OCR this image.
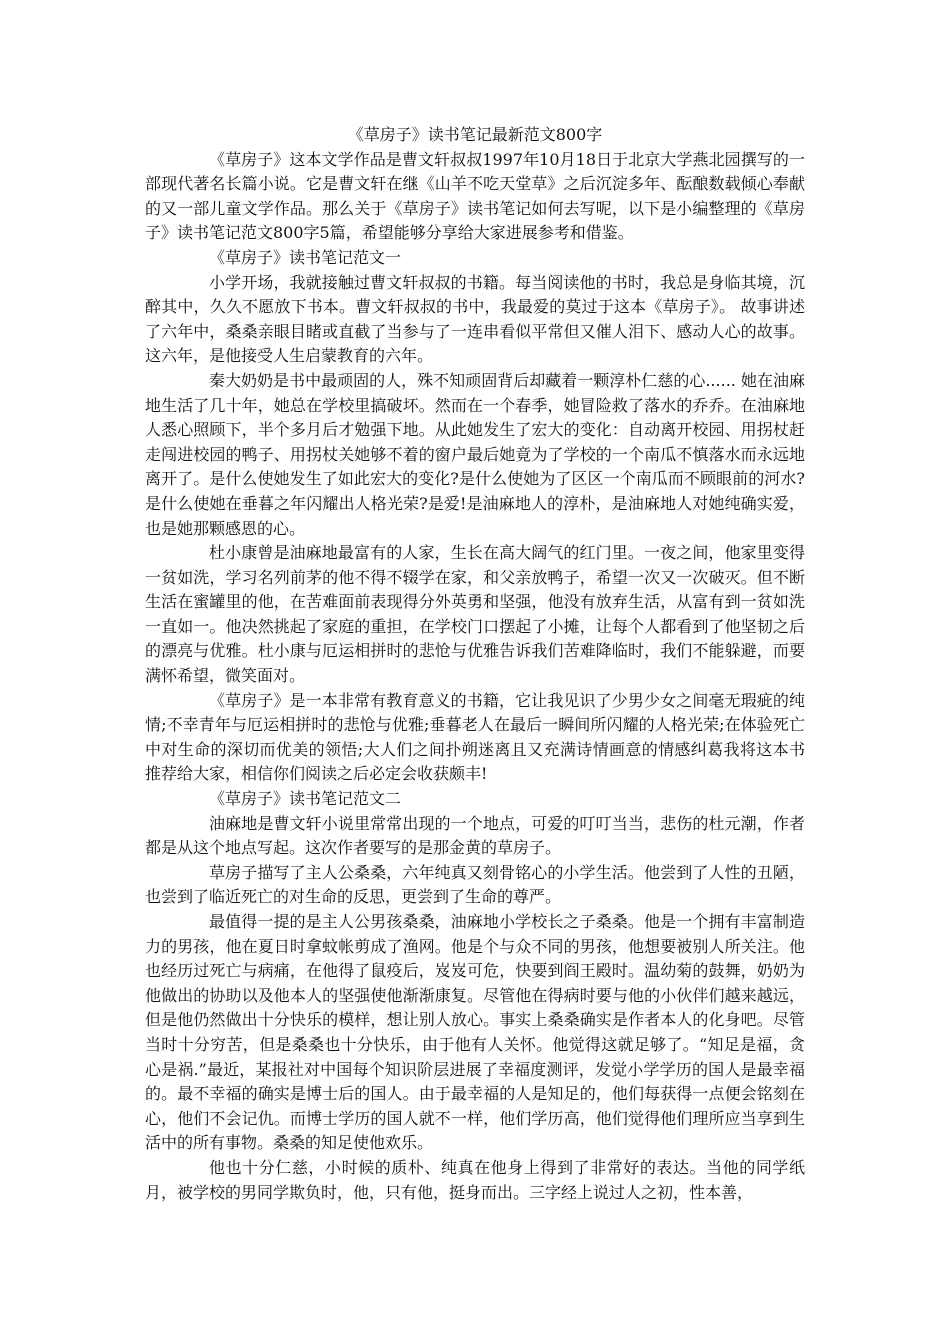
《草房子》读书笔记最新范文800字

《草房子》这本文学作品是曹文轩叔叔1997年10月18日于北京大学燕北园撰写的一部现代著名长篇小说。它是曹文轩在继《山羊不吃天堂草》之后沉淀多年、酝酿数载倾心奉献的又一部儿童文学作品。那么关于《草房子》读书笔记如何去写呢，以下是小编整理的《草房子》读书笔记范文800字5篇，希望能够分享给大家进展参考和借鉴。

《草房子》读书笔记范文一

小学开场，我就接触过曹文轩叔叔的书籍。每当阅读他的书时，我总是身临其境，沉醉其中，久久不愿放下书本。曹文轩叔叔的书中，我最爱的莫过于这本《草房子》。 故事讲述了六年中，桑桑亲眼目睹或直截了当参与了一连串看似平常但又催人泪下、感动人心的故事。这六年，是他接受人生启蒙教育的六年。

秦大奶奶是书中最顽固的人，殊不知顽固背后却藏着一颗淳朴仁慈的心...... 她在油麻地生活了几十年，她总在学校里搞破坏。然而在一个春季，她冒险救了落水的乔乔。在油麻地人悉心照顾下，半个多月后才勉强下地。从此她发生了宏大的变化：自动离开校园、用拐杖赶走闯进校园的鸭子、用拐杖关她够不着的窗户最后她竟为了学校的一个南瓜不慎落水而永远地离开了。是什么使她发生了如此宏大的变化?是什么使她为了区区一个南瓜而不顾眼前的河水?是什么使她在垂暮之年闪耀出人格光荣?是爱!是油麻地人的淳朴，是油麻地人对她纯确实爱，也是她那颗感恩的心。

杜小康曾是油麻地最富有的人家，生长在高大阔气的红门里。一夜之间，他家里变得一贫如洗，学习名列前茅的他不得不辍学在家，和父亲放鸭子，希望一次又一次破灭。但不断生活在蜜罐里的他，在苦难面前表现得分外英勇和坚强，他没有放弃生活，从富有到一贫如洗一直如一。他决然挑起了家庭的重担，在学校门口摆起了小摊，让每个人都看到了他坚韧之后的漂亮与优雅。杜小康与厄运相拼时的悲怆与优雅告诉我们苦难降临时，我们不能躲避，而要满怀希望，微笑面对。

《草房子》是一本非常有教育意义的书籍，它让我见识了少男少女之间毫无瑕疵的纯情;不幸青年与厄运相拼时的悲怆与优雅;垂暮老人在最后一瞬间所闪耀的人格光荣;在体验死亡中对生命的深切而优美的领悟;大人们之间扑朔迷离且又充满诗情画意的情感纠葛我将这本书推荐给大家，相信你们阅读之后必定会收获颇丰!

《草房子》读书笔记范文二

油麻地是曹文轩小说里常常出现的一个地点，可爱的叮叮当当，悲伤的杜元潮，作者都是从这个地点写起。这次作者要写的是那金黄的草房子。

草房子描写了主人公桑桑，六年纯真又刻骨铭心的小学生活。他尝到了人性的丑陋，也尝到了临近死亡的对生命的反思，更尝到了生命的尊严。

最值得一提的是主人公男孩桑桑，油麻地小学校长之子桑桑。他是一个拥有丰富制造力的男孩，他在夏日时拿蚊帐剪成了渔网。他是个与众不同的男孩，他想要被别人所关注。他也经历过死亡与病痛，在他得了鼠疫后，岌岌可危，快要到阎王殿时。温幼菊的鼓舞，奶奶为他做出的协助以及他本人的坚强使他渐渐康复。尽管他在得病时要与他的小伙伴们越来越远，但是他仍然做出十分快乐的模样，想让别人放心。事实上桑桑确实是作者本人的化身吧。尽管当时十分穷苦，但是桑桑也十分快乐，由于他有人关怀。他觉得这就足够了。“知足是福，贪心是祸.”最近，某报社对中国每个知识阶层进展了幸福度测评，发觉小学学历的国人是最幸福的。最不幸福的确实是博士后的国人。由于最幸福的人是知足的，他们每获得一点便会铭刻在心，他们不会记仇。而博士学历的国人就不一样，他们学历高，他们觉得他们理所应当享到生活中的所有事物。桑桑的知足使他欢乐。

他也十分仁慈，小时候的质朴、纯真在他身上得到了非常好的表达。当他的同学纸月，被学校的男同学欺负时，他，只有他，挺身而出。三字经上说过人之初，性本善，
